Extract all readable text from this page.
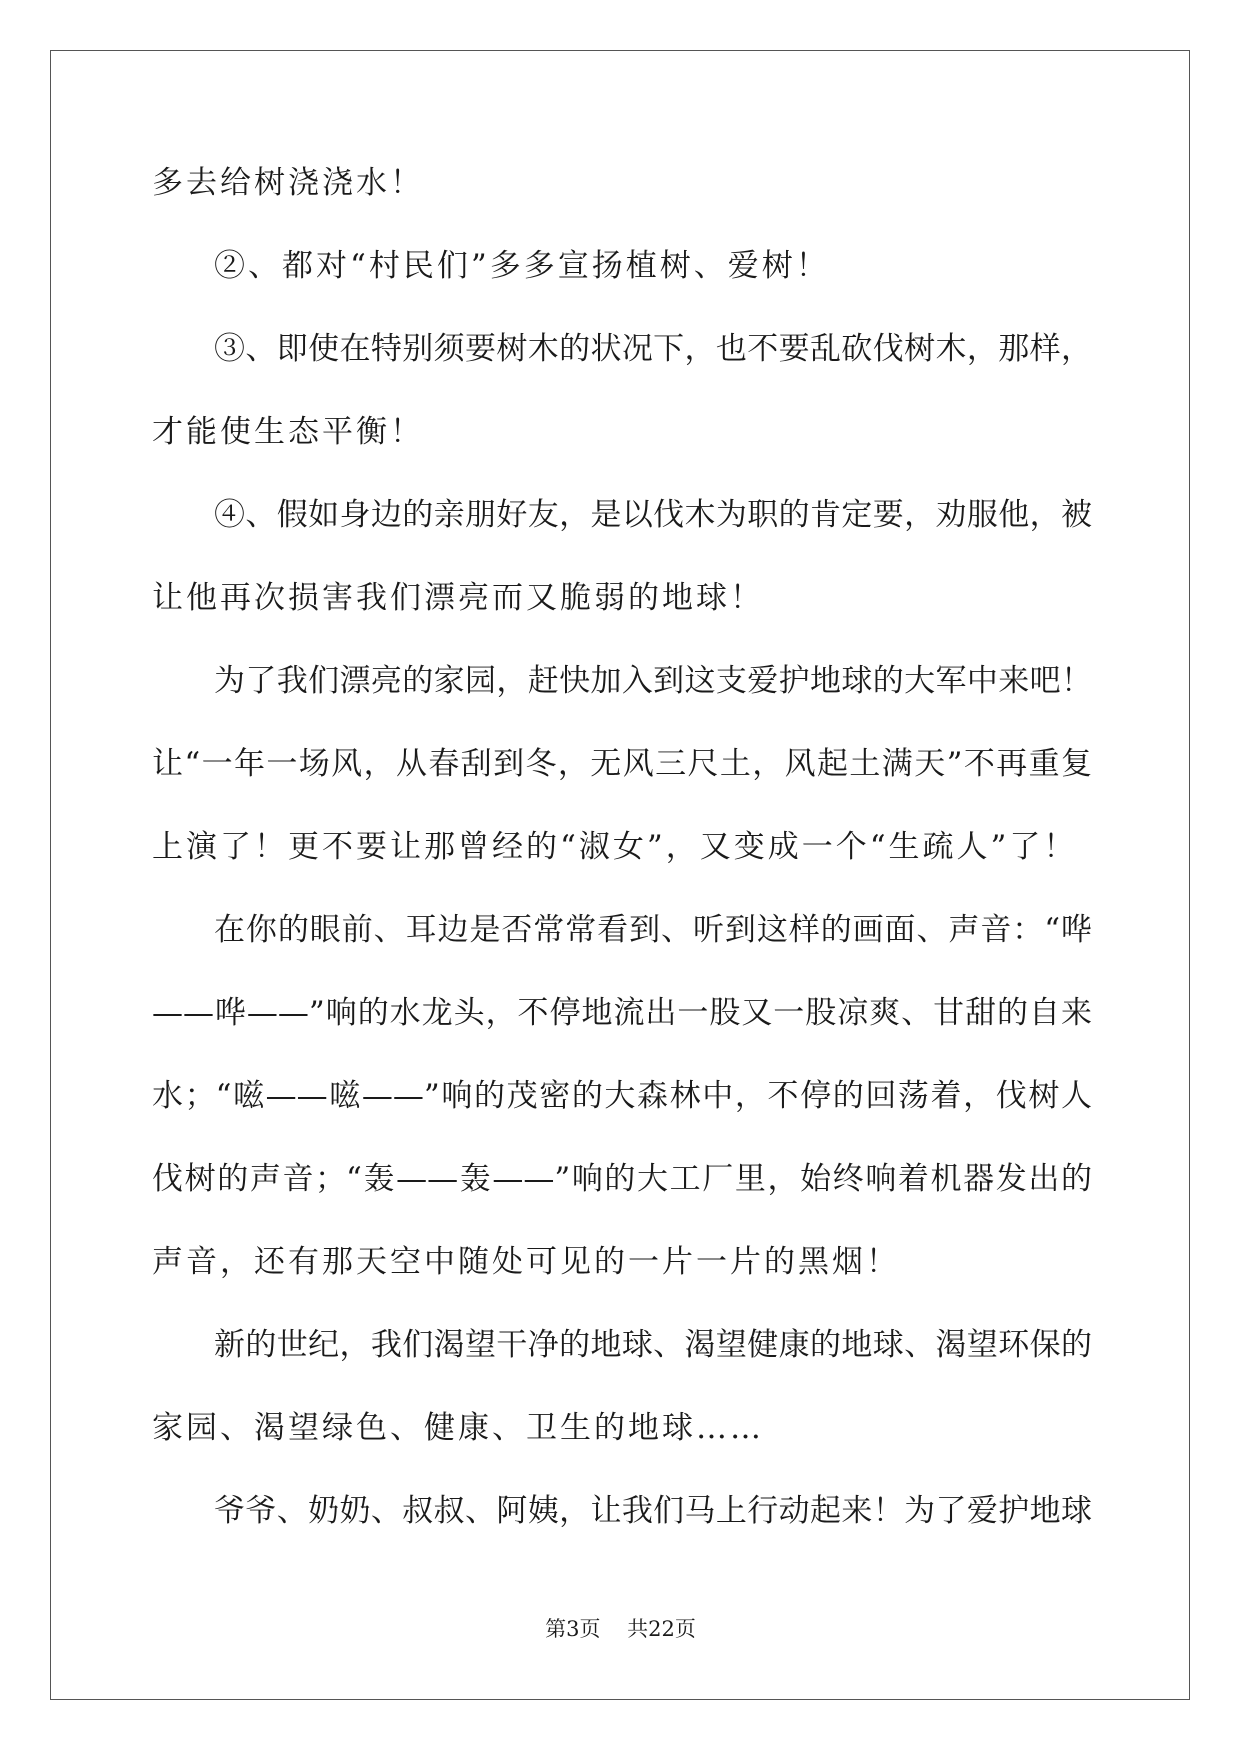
多去给树浇浇水！
②、都对“村民们”多多宣扬植树、爱树！
③、即使在特别须要树木的状况下，也不要乱砍伐树木，那样，
才能使生态平衡！
④、假如身边的亲朋好友，是以伐木为职的肯定要，劝服他，被
让他再次损害我们漂亮而又脆弱的地球！
为了我们漂亮的家园，赶快加入到这支爱护地球的大军中来吧！
让“一年一场风，从春刮到冬，无风三尺土，风起土满天”不再重复
上演了！更不要让那曾经的“淑女”，又变成一个“生疏人”了！
在你的眼前、耳边是否常常看到、听到这样的画面、声音：“哗
——哗——”响的水龙头，不停地流出一股又一股凉爽、甘甜的自来
水；“嗞——嗞——”响的茂密的大森林中，不停的回荡着，伐树人
伐树的声音；“轰——轰——”响的大工厂里，始终响着机器发出的
声音，还有那天空中随处可见的一片一片的黑烟！
新的世纪，我们渴望干净的地球、渴望健康的地球、渴望环保的
家园、渴望绿色、健康、卫生的地球……
爷爷、奶奶、叔叔、阿姨，让我们马上行动起来！为了爱护地球
第3页 共22页
